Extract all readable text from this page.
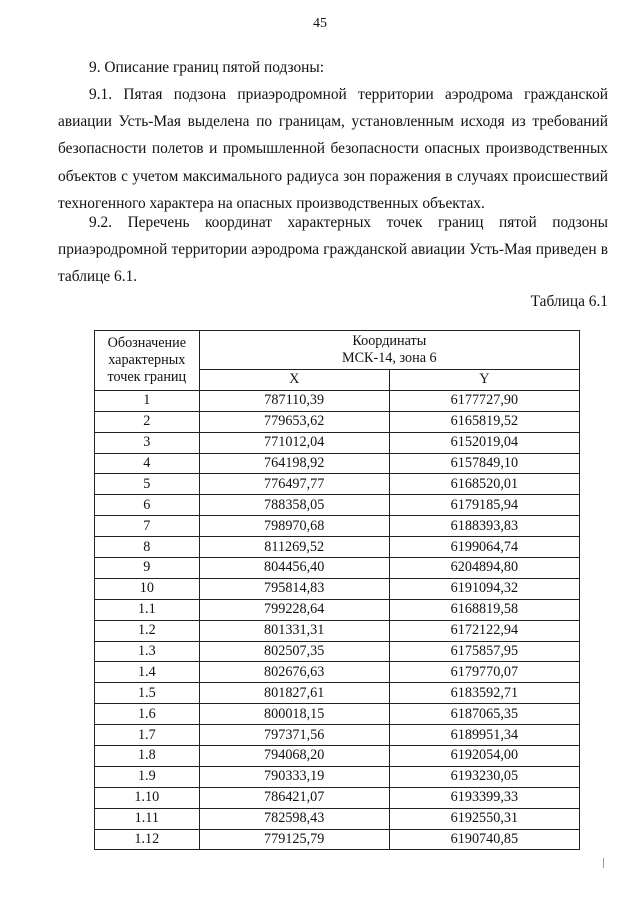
45
9. Описание границ пятой подзоны:
9.1. Пятая подзона приаэродромной территории аэродрома гражданской авиации Усть-Мая выделена по границам, установленным исходя из требований безопасности полетов и промышленной безопасности опасных производственных объектов с учетом максимального радиуса зон поражения в случаях происшествий техногенного характера на опасных производственных объектах.
9.2. Перечень координат характерных точек границ пятой подзоны приаэродромной территории аэродрома гражданской авиации Усть-Мая приведен в таблице 6.1.
Таблица 6.1
Обозначение
характерных
точек границ	Координаты
МСК-14, зона 6	

	X	Y
1	787110,39	6177727,90
2	779653,62	6165819,52
3	771012,04	6152019,04
4	764198,92	6157849,10
5	776497,77	6168520,01
6	788358,05	6179185,94
7	798970,68	6188393,83
8	811269,52	6199064,74
9	804456,40	6204894,80
10	795814,83	6191094,32
1.1	799228,64	6168819,58
1.2	801331,31	6172122,94
1.3	802507,35	6175857,95
1.4	802676,63	6179770,07
1.5	801827,61	6183592,71
1.6	800018,15	6187065,35
1.7	797371,56	6189951,34
1.8	794068,20	6192054,00
1.9	790333,19	6193230,05
1.10	786421,07	6193399,33
1.11	782598,43	6192550,31
1.12	779125,79	6190740,85
